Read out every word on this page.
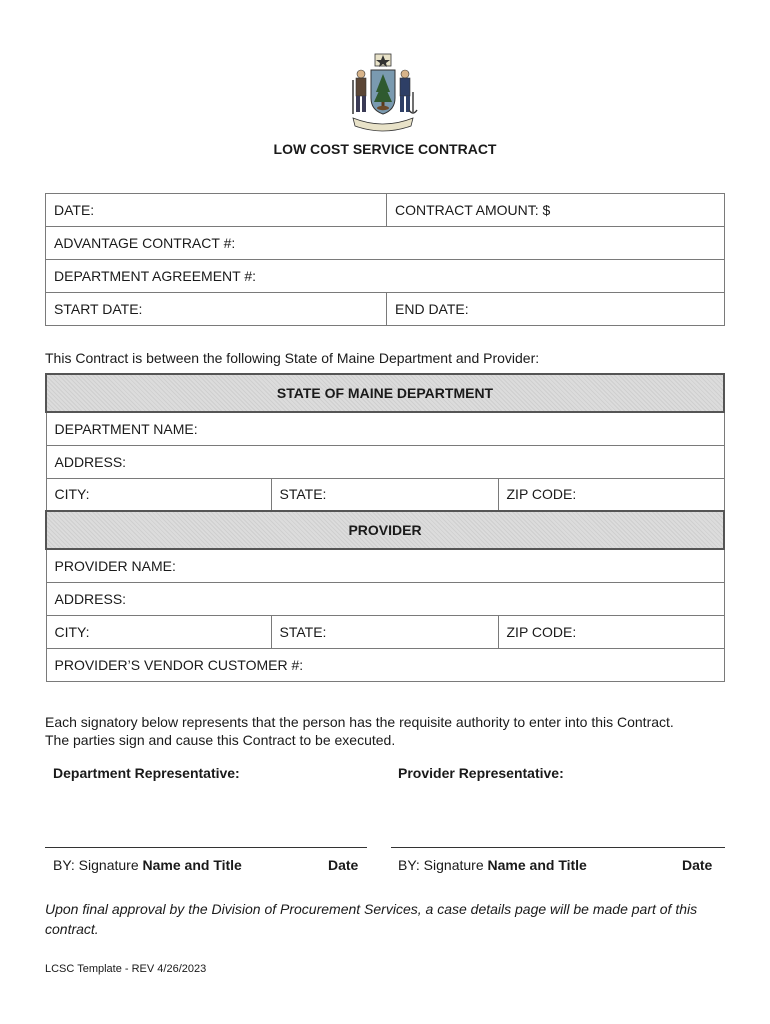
LOW COST SERVICE CONTRACT
DATE:	CONTRACT AMOUNT: $
ADVANTAGE CONTRACT #:	
DEPARTMENT AGREEMENT #:	
START DATE:	END DATE:
This Contract is between the following State of Maine Department and Provider:
STATE OF MAINE DEPARTMENT		
DEPARTMENT NAME:		
ADDRESS:		
CITY:	STATE:	ZIP CODE:
PROVIDER		
PROVIDER NAME:		
ADDRESS:		
CITY:	STATE:	ZIP CODE:
PROVIDER’S VENDOR CUSTOMER #:		
Each signatory below represents that the person has the requisite authority to enter into this Contract.
The parties sign and cause this Contract to be executed.
Department Representative:	Provider Representative:
BY: Signature Name and Title	Date	BY: Signature Name and Title	Date
Upon final approval by the Division of Procurement Services, a case details page will be made part of this contract.
LCSC Template - REV 4/26/2023
